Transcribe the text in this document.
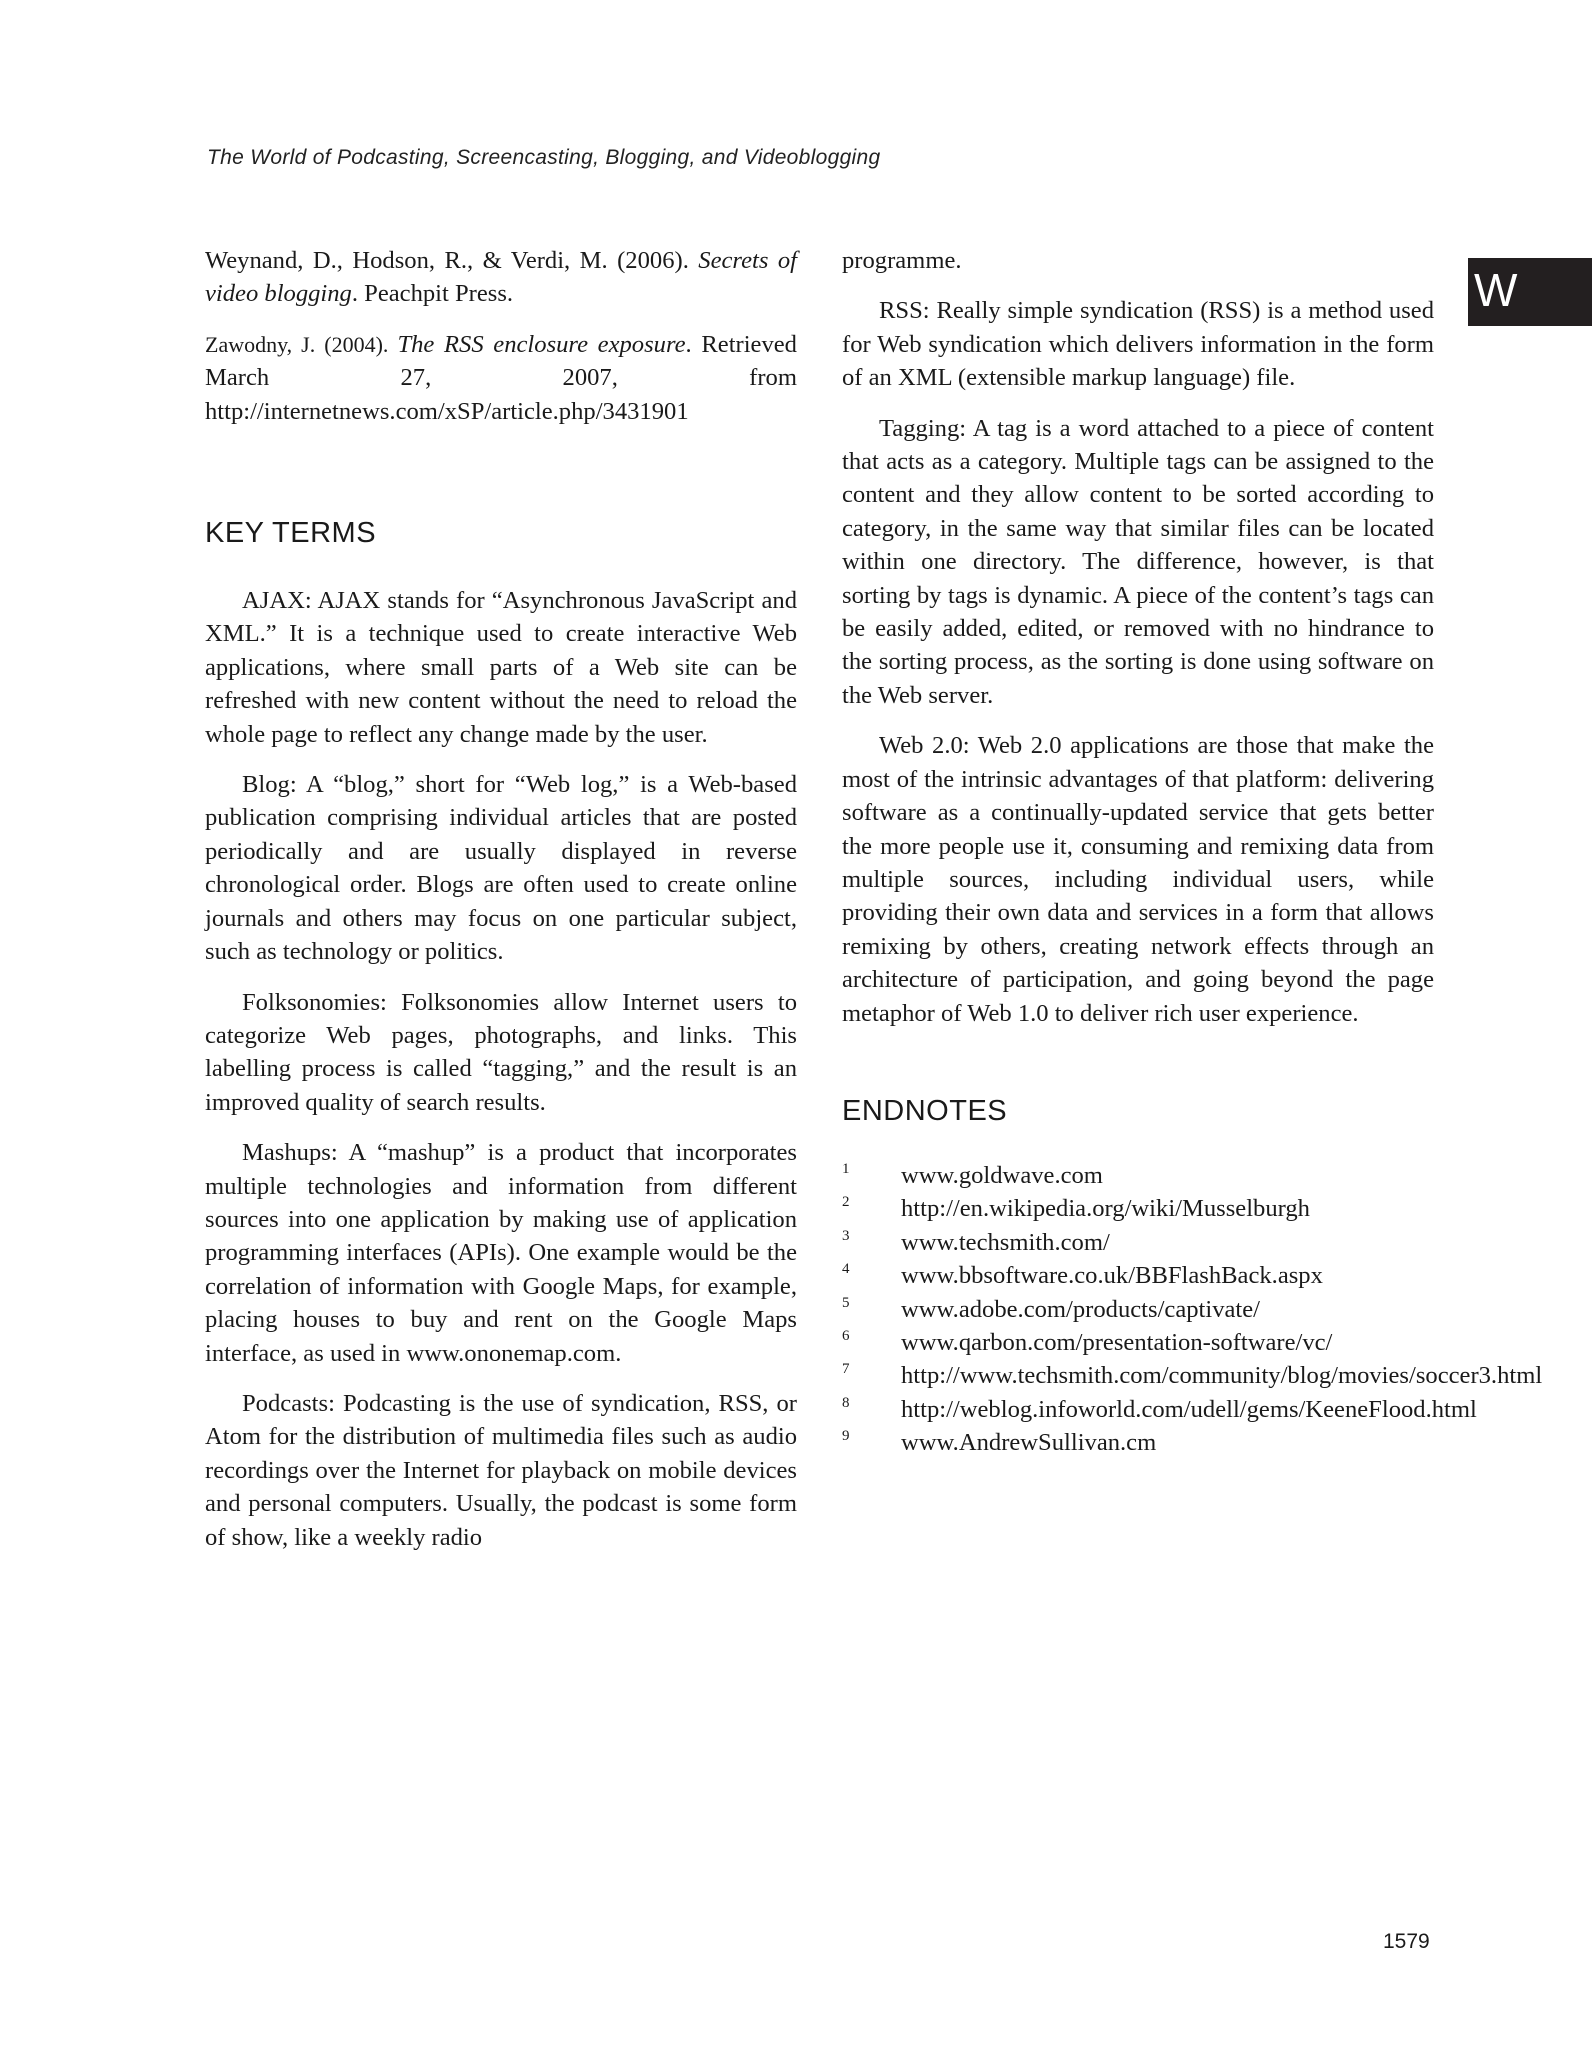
The World of Podcasting, Screencasting, Blogging, and Videoblogging
W

Weynand, D., Hodson, R., & Verdi, M. (2006). Secrets of video blogging. Peachpit Press.

Zawodny, J. (2004). The RSS enclosure exposure. Retrieved March 27, 2007, from http://internetnews.com/xSP/article.php/3431901

KEY TERMS

AJAX: AJAX stands for “Asynchronous JavaScript and XML.” It is a technique used to create interactive Web applications, where small parts of a Web site can be refreshed with new content without the need to reload the whole page to reflect any change made by the user.

Blog: A “blog,” short for “Web log,” is a Web-based publication comprising individual articles that are posted periodically and are usually displayed in reverse chronological order. Blogs are often used to create online journals and others may focus on one particular subject, such as technology or politics.

Folksonomies: Folksonomies allow Internet users to categorize Web pages, photographs, and links. This labelling process is called “tagging,” and the result is an improved quality of search results.

Mashups: A “mashup” is a product that incorporates multiple technologies and information from different sources into one application by making use of application programming interfaces (APIs). One example would be the correlation of information with Google Maps, for example, placing houses to buy and rent on the Google Maps interface, as used in www.ononemap.com.

Podcasts: Podcasting is the use of syndication, RSS, or Atom for the distribution of multimedia files such as audio recordings over the Internet for playback on mobile devices and personal computers. Usually, the podcast is some form of show, like a weekly radio

programme.

RSS: Really simple syndication (RSS) is a method used for Web syndication which delivers information in the form of an XML (extensible markup language) file.

Tagging: A tag is a word attached to a piece of content that acts as a category. Multiple tags can be assigned to the content and they allow content to be sorted according to category, in the same way that similar files can be located within one directory. The difference, however, is that sorting by tags is dynamic. A piece of the content’s tags can be easily added, edited, or removed with no hindrance to the sorting process, as the sorting is done using software on the Web server.

Web 2.0: Web 2.0 applications are those that make the most of the intrinsic advantages of that platform: delivering software as a continually-updated service that gets better the more people use it, consuming and remixing data from multiple sources, including individual users, while providing their own data and services in a form that allows remixing by others, creating network effects through an architecture of participation, and going beyond the page metaphor of Web 1.0 to deliver rich user experience.

ENDNOTES
1 www.goldwave.com
2 http://en.wikipedia.org/wiki/Musselburgh
3 www.techsmith.com/
4 www.bbsoftware.co.uk/BBFlashBack.aspx
5 www.adobe.com/products/captivate/
6 www.qarbon.com/presentation-software/vc/
7 http://www.techsmith.com/community/blog/movies/soccer3.html
8 http://weblog.infoworld.com/udell/gems/KeeneFlood.html
9 www.AndrewSullivan.cm
1579
